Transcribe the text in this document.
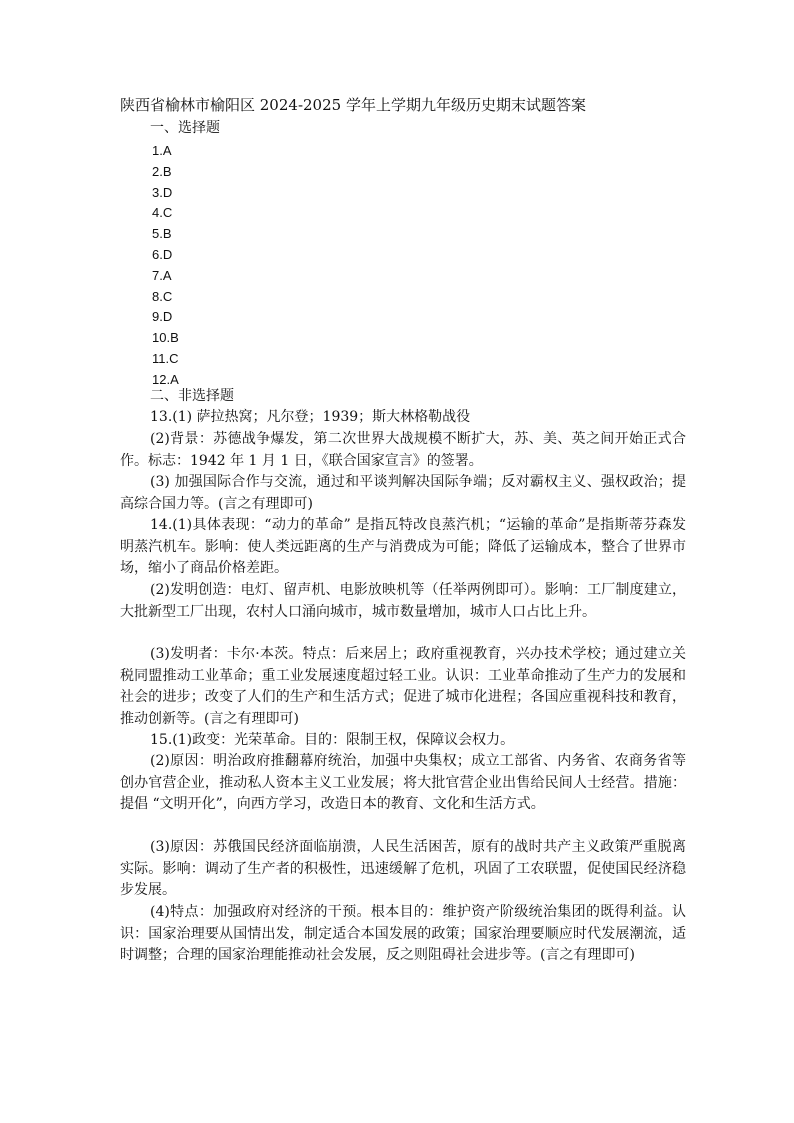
陕西省榆林市榆阳区 2024-2025 学年上学期九年级历史期末试题答案
一、选择题
1.A
2.B
3.D
4.C
5.B
6.D
7.A
8.C
9.D
10.B
11.C
12.A
二、非选择题

13.(1) 萨拉热窝；凡尔登；1939；斯大林格勒战役

(2)背景：苏德战争爆发，第二次世界大战规模不断扩大，苏、美、英之间开始正式合作。标志：1942 年 1 月 1 日，《联合国家宣言》的签署。

(3) 加强国际合作与交流，通过和平谈判解决国际争端；反对霸权主义、强权政治；提高综合国力等。(言之有理即可)

14.(1)具体表现：“动力的革命” 是指瓦特改良蒸汽机；“运输的革命”是指斯蒂芬森发明蒸汽机车。影响：使人类远距离的生产与消费成为可能；降低了运输成本，整合了世界市场，缩小了商品价格差距。

(2)发明创造：电灯、留声机、电影放映机等（任举两例即可）。影响：工厂制度建立，大批新型工厂出现，农村人口涌向城市，城市数量增加，城市人口占比上升。

(3)发明者：卡尔·本茨。特点：后来居上；政府重视教育，兴办技术学校；通过建立关税同盟推动工业革命；重工业发展速度超过轻工业。认识：工业革命推动了生产力的发展和社会的进步；改变了人们的生产和生活方式；促进了城市化进程；各国应重视科技和教育，推动创新等。(言之有理即可)

15.(1)政变：光荣革命。目的：限制王权，保障议会权力。

(2)原因：明治政府推翻幕府统治，加强中央集权；成立工部省、内务省、农商务省等创办官营企业，推动私人资本主义工业发展；将大批官营企业出售给民间人士经营。措施：提倡 “文明开化”，向西方学习，改造日本的教育、文化和生活方式。

(3)原因：苏俄国民经济面临崩溃，人民生活困苦，原有的战时共产主义政策严重脱离实际。影响：调动了生产者的积极性，迅速缓解了危机，巩固了工农联盟，促使国民经济稳步发展。

(4)特点：加强政府对经济的干预。根本目的：维护资产阶级统治集团的既得利益。认识：国家治理要从国情出发，制定适合本国发展的政策；国家治理要顺应时代发展潮流，适时调整；合理的国家治理能推动社会发展，反之则阻碍社会进步等。(言之有理即可)
